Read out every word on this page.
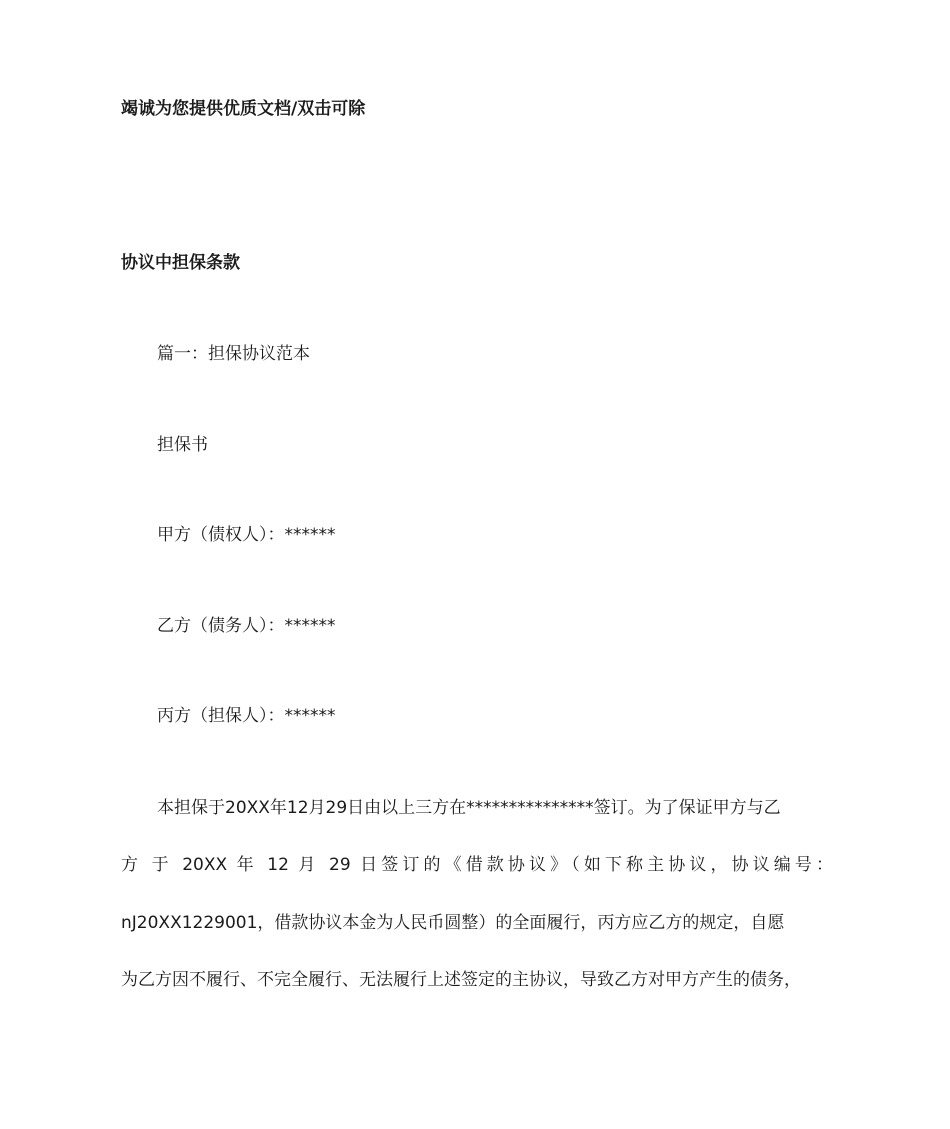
竭诚为您提供优质文档/双击可除
协议中担保条款
篇一：担保协议范本
担保书
甲方（债权人）：******
乙方（债务人）：******
丙方（担保人）：******
本担保于20XX年12月29日由以上三方在***************签订。为了保证甲方与乙
方 于 20XX 年 12 月 29 日签订的《借款协议》（如下称主协议，协议编号：
nJ20XX1229001，借款协议本金为人民币圆整）的全面履行，丙方应乙方的规定，自愿
为乙方因不履行、不完全履行、无法履行上述签定的主协议，导致乙方对甲方产生的债务，
